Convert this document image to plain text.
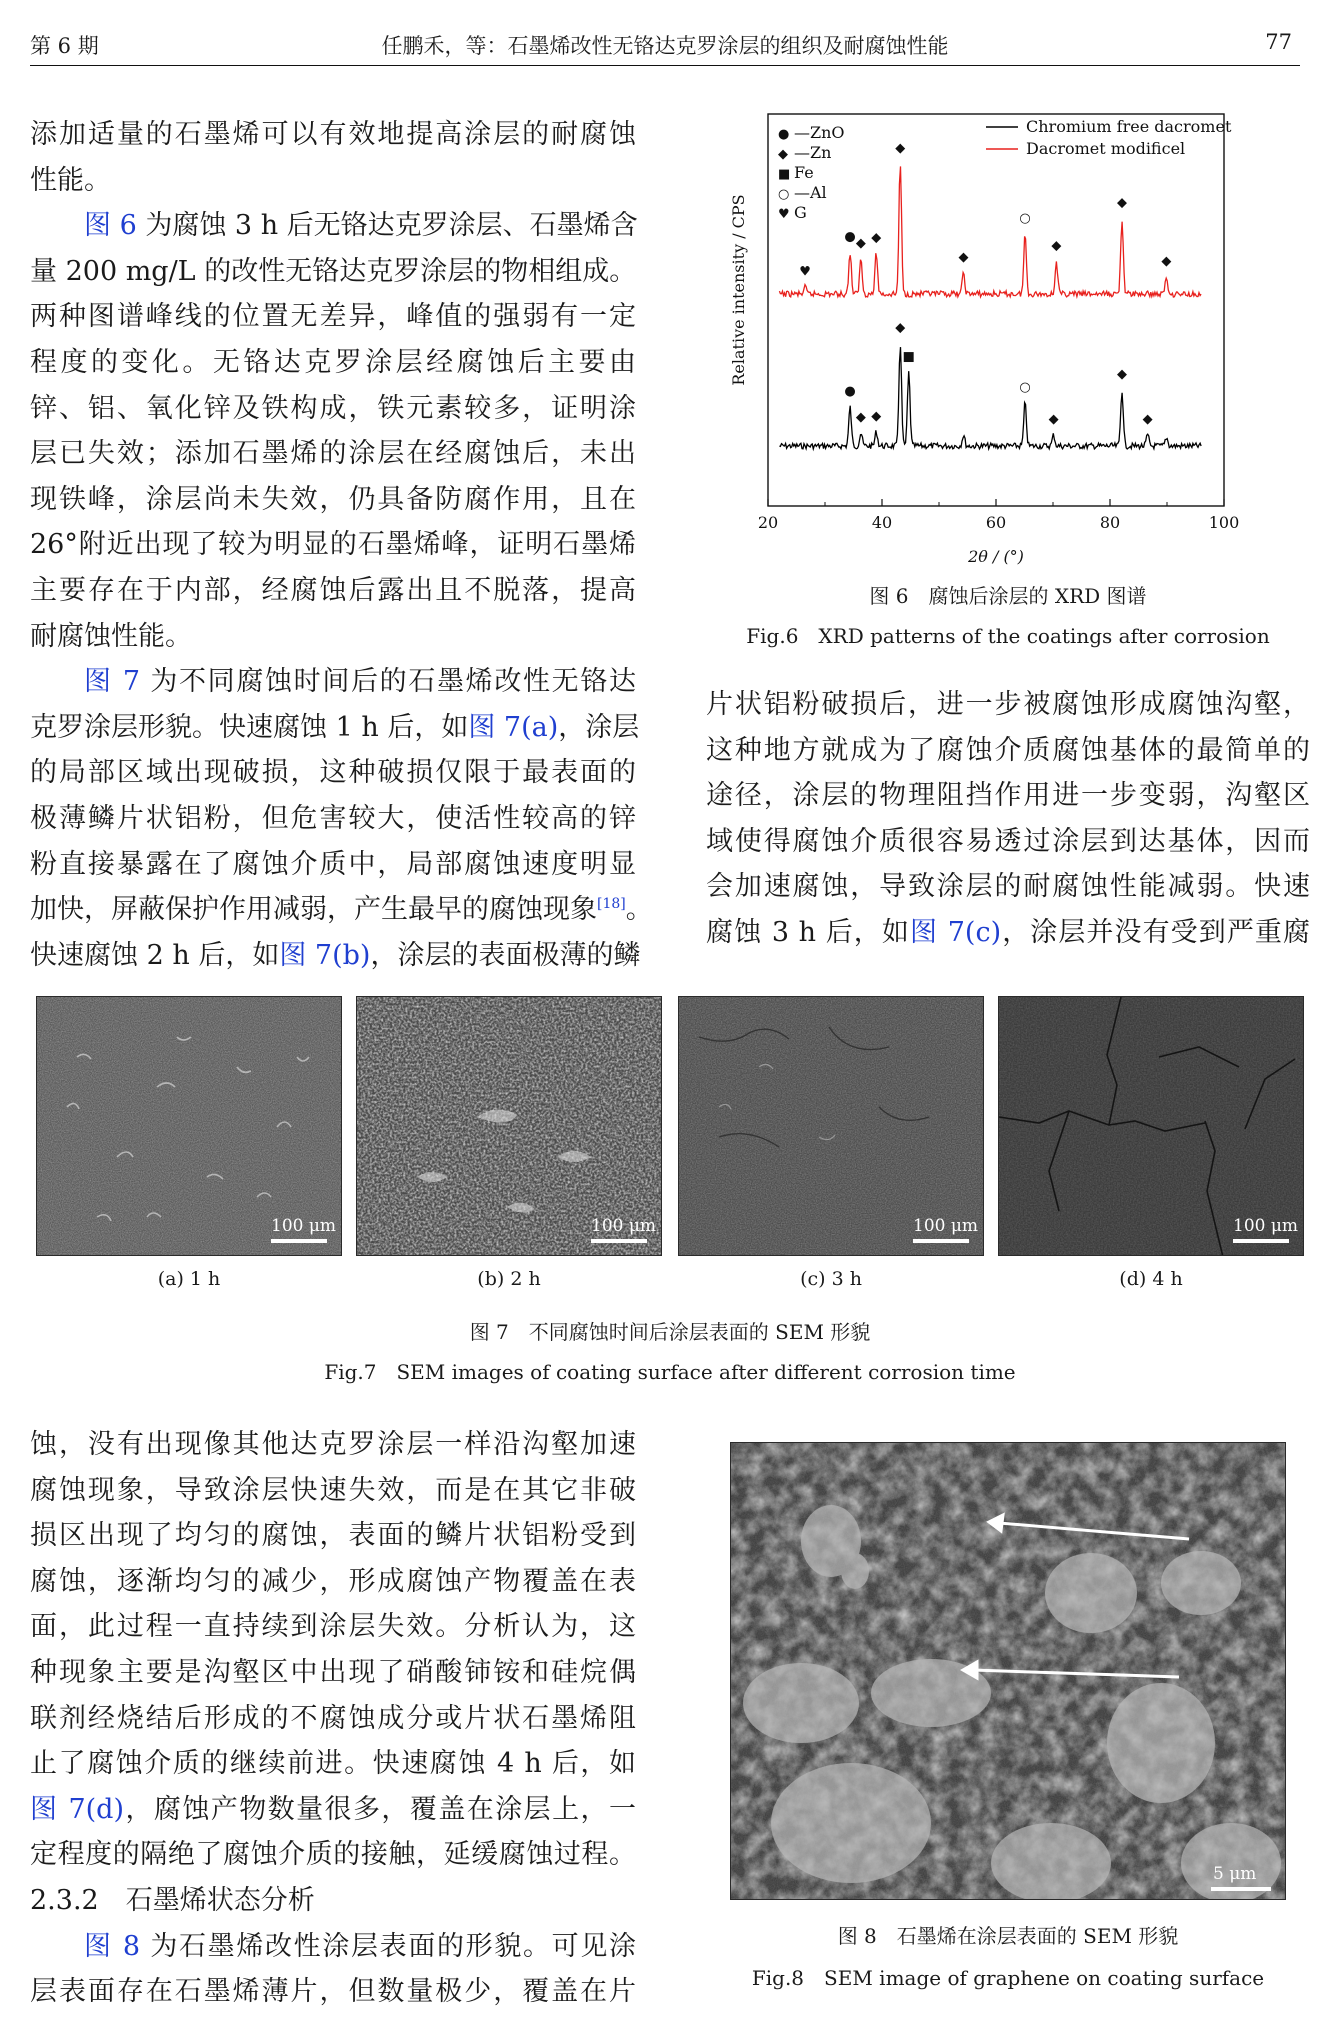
第 6 期	任鹏禾，等：石墨烯改性无铬达克罗涂层的组织及耐腐蚀性能	77

添加适量的石墨烯可以有效地提高涂层的耐腐蚀

性能。

图 6 为腐蚀 3 h 后无铬达克罗涂层、石墨烯含

量 200 mg/L 的改性无铬达克罗涂层的物相组成。

两种图谱峰线的位置无差异，峰值的强弱有一定

程度的变化。无铬达克罗涂层经腐蚀后主要由

锌、铝、氧化锌及铁构成，铁元素较多，证明涂

层已失效；添加石墨烯的涂层在经腐蚀后，未出

现铁峰，涂层尚未失效，仍具备防腐作用，且在

26°附近出现了较为明显的石墨烯峰，证明石墨烯

主要存在于内部，经腐蚀后露出且不脱落，提高

耐腐蚀性能。

图 7 为不同腐蚀时间后的石墨烯改性无铬达

克罗涂层形貌。快速腐蚀 1 h 后，如图 7(a)，涂层

的局部区域出现破损，这种破损仅限于最表面的

极薄鳞片状铝粉，但危害较大，使活性较高的锌

粉直接暴露在了腐蚀介质中，局部腐蚀速度明显

加快，屏蔽保护作用减弱，产生最早的腐蚀现象[18]。

快速腐蚀 2 h 后，如图 7(b)，涂层的表面极薄的鳞

片状铝粉破损后，进一步被腐蚀形成腐蚀沟壑，

这种地方就成为了腐蚀介质腐蚀基体的最简单的

途径，涂层的物理阻挡作用进一步变弱，沟壑区

域使得腐蚀介质很容易透过涂层到达基体，因而

会加速腐蚀，导致涂层的耐腐蚀性能减弱。快速

腐蚀 3 h 后，如图 7(c)，涂层并没有受到严重腐

蚀，没有出现像其他达克罗涂层一样沿沟壑加速

腐蚀现象，导致涂层快速失效，而是在其它非破

损区出现了均匀的腐蚀，表面的鳞片状铝粉受到

腐蚀，逐渐均匀的减少，形成腐蚀产物覆盖在表

面，此过程一直持续到涂层失效。分析认为，这

种现象主要是沟壑区中出现了硝酸铈铵和硅烷偶

联剂经烧结后形成的不腐蚀成分或片状石墨烯阻

止了腐蚀介质的继续前进。快速腐蚀 4 h 后，如

图 7(d)，腐蚀产物数量很多，覆盖在涂层上，一

定程度的隔绝了腐蚀介质的接触，延缓腐蚀过程。

2.3.2　石墨烯状态分析

图 8 为石墨烯改性涂层表面的形貌。可见涂

层表面存在石墨烯薄片，但数量极少，覆盖在片

20	40	60	80	100
2θ / (°)
Relative intensity / CPS
●
◆ ◆
◆
■
○
◆
◆
◆
♥
● ◆ ◆
◆
◆
○
◆
◆
◆
● —ZnO
◆ —Zn
■ Fe
○ —Al
♥ G
Chromium free dacromet
Dacromet modificel
图 6　腐蚀后涂层的 XRD 图谱
Fig.6　XRD patterns of the coatings after corrosion
100 μm	100 μm	100 μm	100 μm
(a) 1 h	(b) 2 h	(c) 3 h	(d) 4 h
图 7　不同腐蚀时间后涂层表面的 SEM 形貌
Fig.7　SEM images of coating surface after different corrosion time
5 μm
图 8　石墨烯在涂层表面的 SEM 形貌
Fig.8　SEM image of graphene on coating surface
